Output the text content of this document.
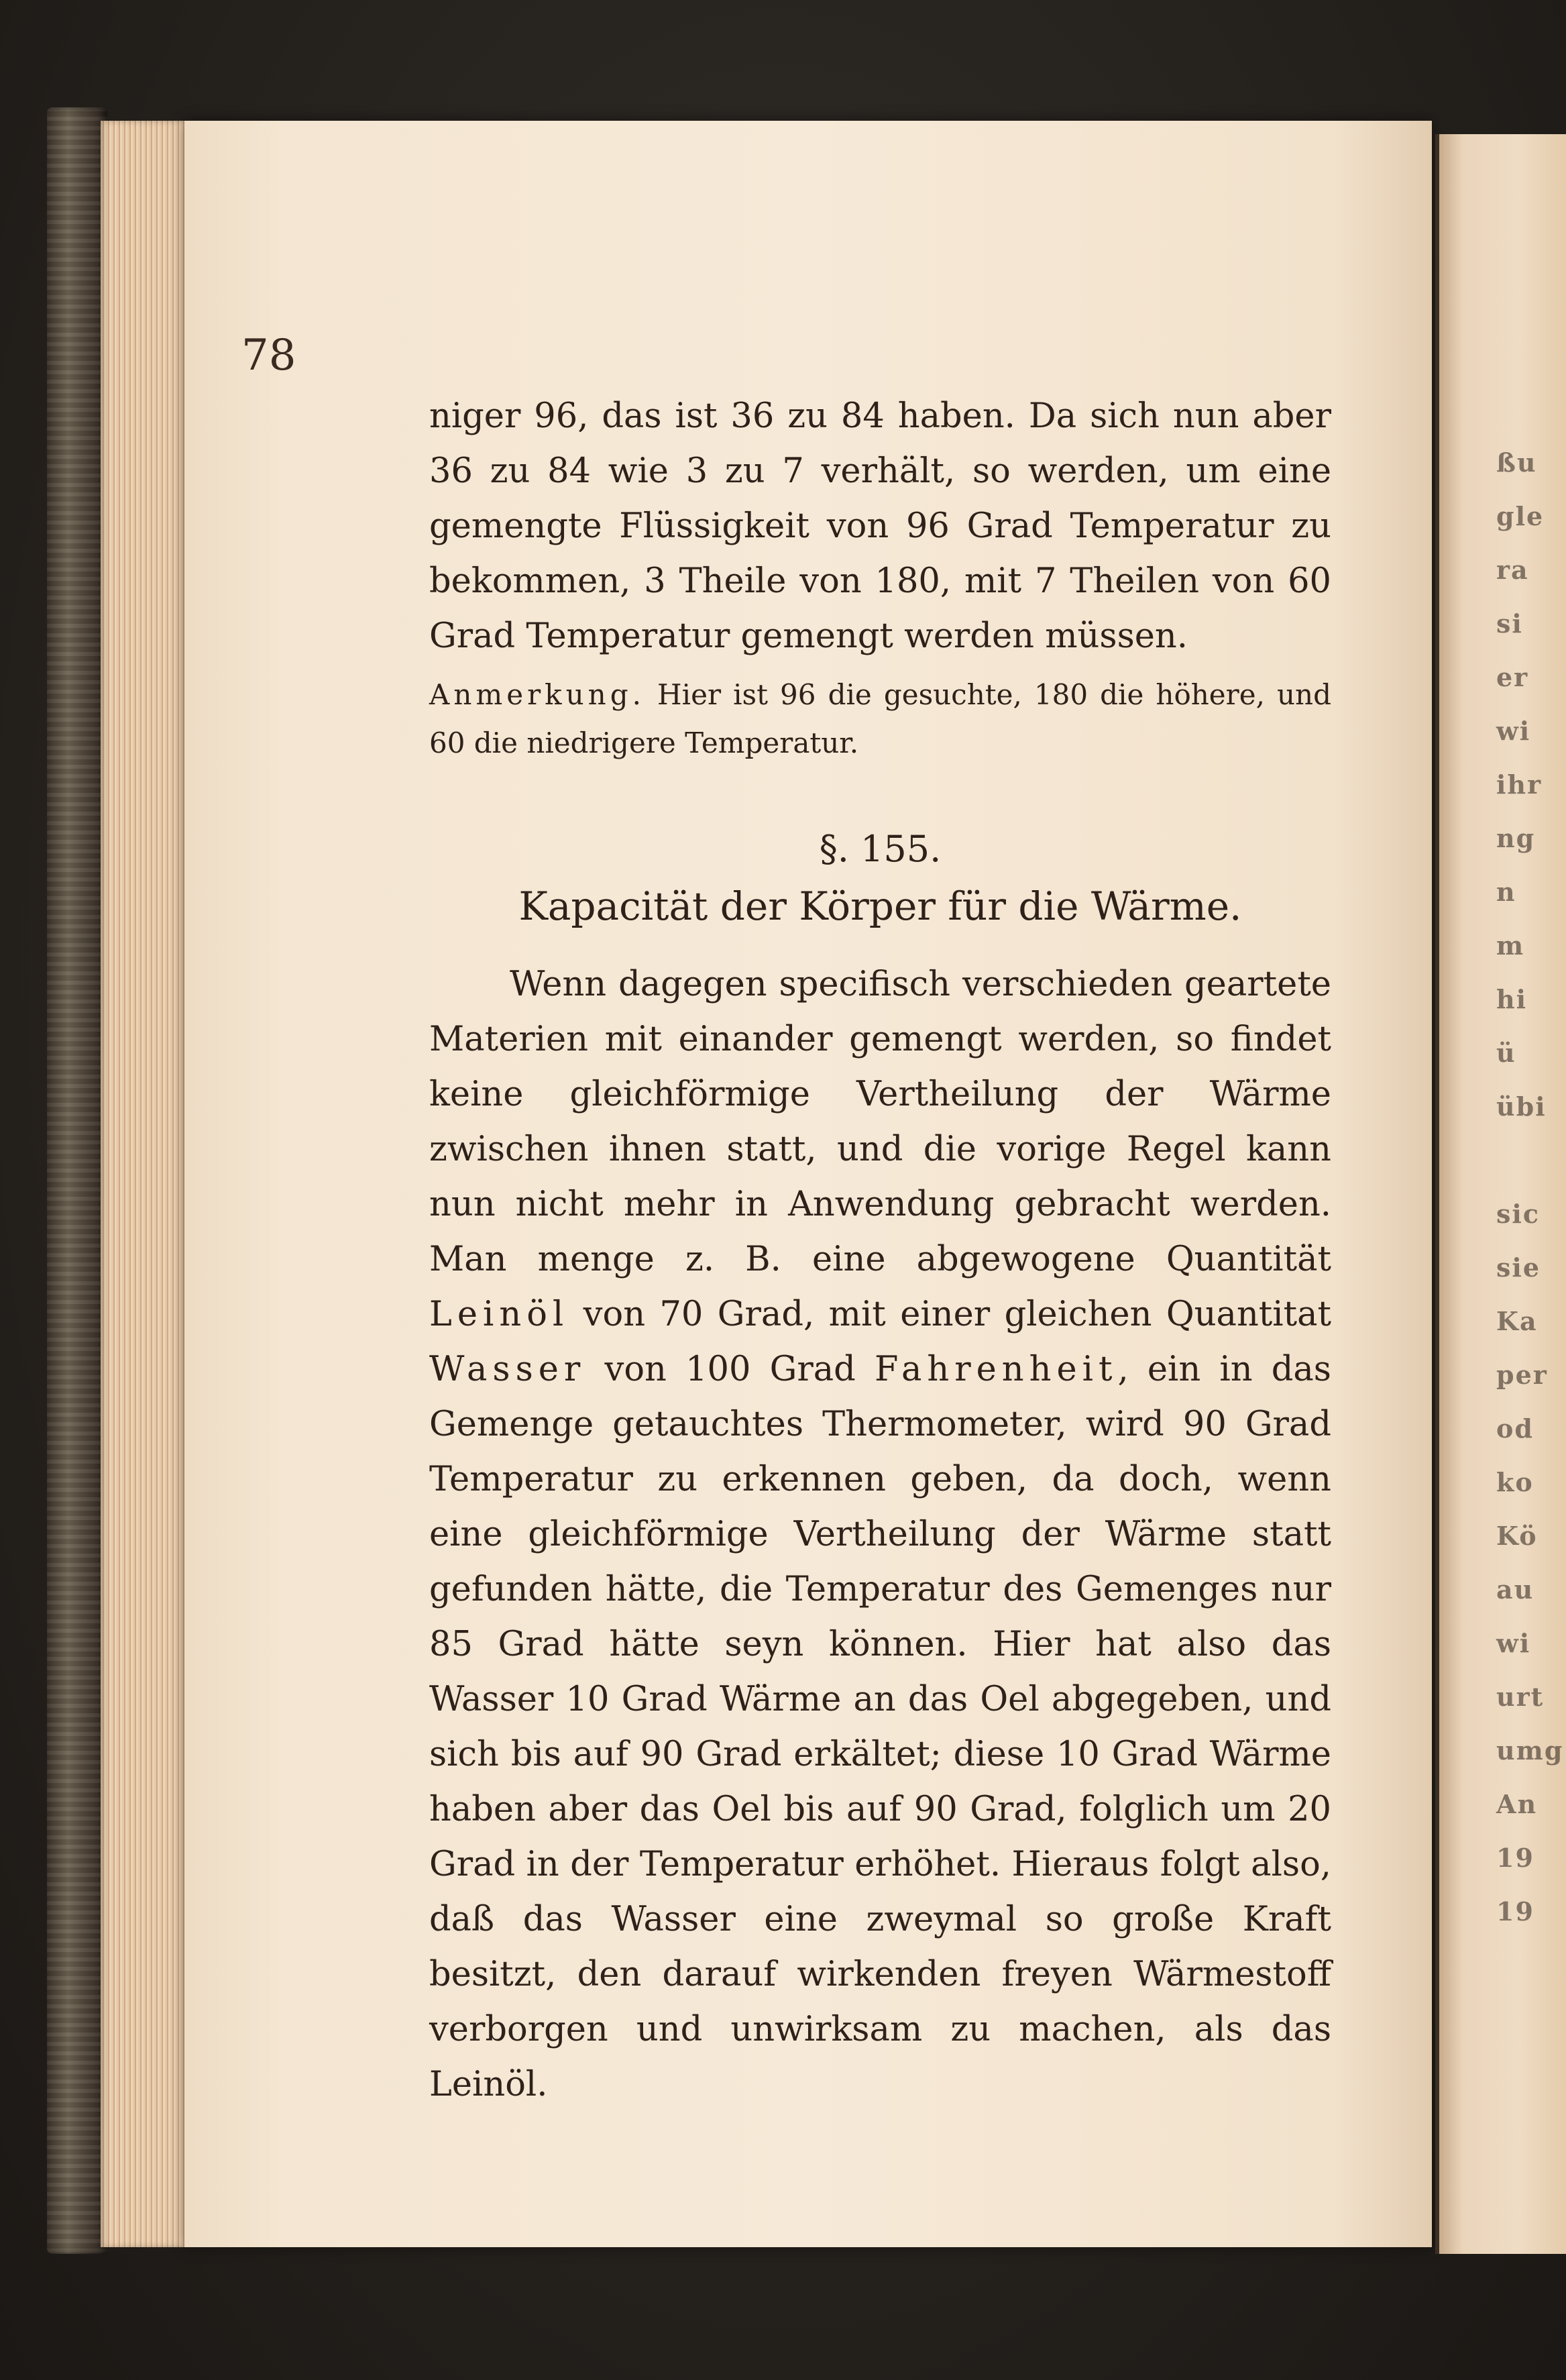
ßu
gle
ra
si
er
wi
ihr
ng
n
m
hi
ü
übi

sic
sie
Ka
per
od
ko
Kö
au
wi
urt
umg
An
19
19
78

niger 96, das ist 36 zu 84 haben. Da sich nun aber 36 zu 84 wie 3 zu 7 verhält, so werden, um eine gemengte Flüssigkeit von 96 Grad Temperatur zu bekommen, 3 Theile von 180, mit 7 Theilen von 60 Grad Temperatur gemengt werden müssen.

Anmerkung. Hier ist 96 die gesuchte, 180 die höhere, und 60 die niedrigere Temperatur.

§. 155.
Kapacität der Körper für die Wärme.

Wenn dagegen specifisch verschieden geartete Materien mit einander gemengt werden, so findet keine gleichförmige Vertheilung der Wärme zwischen ihnen statt, und die vorige Regel kann nun nicht mehr in Anwendung gebracht werden. Man menge z. B. eine abgewogene Quantität Leinöl von 70 Grad, mit einer gleichen Quantitat Wasser von 100 Grad Fahrenheit, ein in das Gemenge getauchtes Thermometer, wird 90 Grad Temperatur zu erkennen geben, da doch, wenn eine gleichförmige Vertheilung der Wärme statt gefunden hätte, die Temperatur des Gemenges nur 85 Grad hätte seyn können. Hier hat also das Wasser 10 Grad Wärme an das Oel abgegeben, und sich bis auf 90 Grad erkältet; diese 10 Grad Wärme haben aber das Oel bis auf 90 Grad, folglich um 20 Grad in der Temperatur erhöhet. Hieraus folgt also, daß das Wasser eine zweymal so große Kraft besitzt, den darauf wirkenden freyen Wärmestoff verborgen und unwirksam zu machen, als das Leinöl.
